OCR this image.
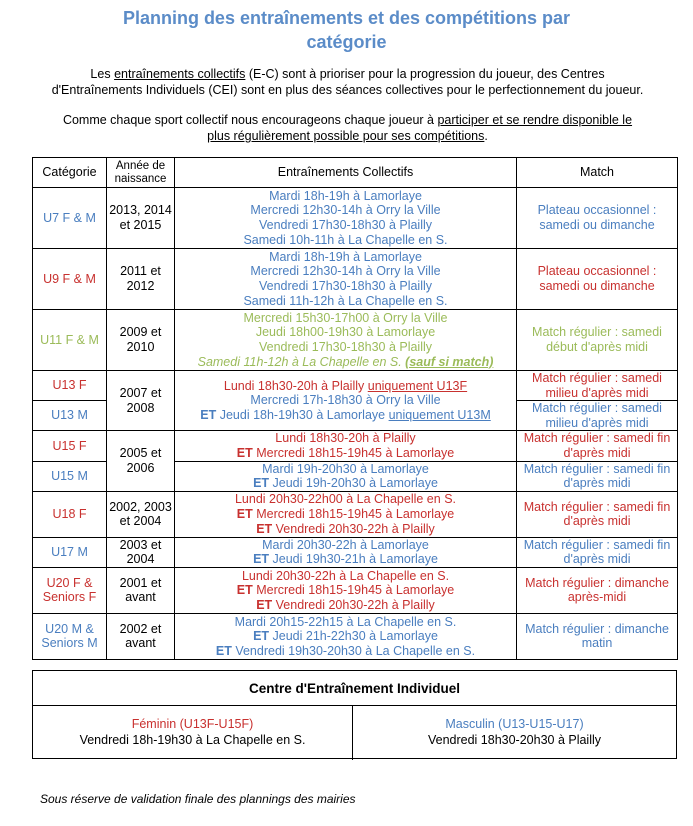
Planning des entraînements et des compétitions par
catégorie
Les entraînements collectifs (E-C) sont à prioriser pour la progression du joueur, des Centres
d'Entraînements Individuels (CEI) sont en plus des séances collectives pour le perfectionnement du joueur.
Comme chaque sport collectif nous encourageons chaque joueur à participer et se rendre disponible le
plus régulièrement possible pour ses compétitions.
Catégorie	Année de naissance	Entraînements Collectifs	Match
U7 F & M	2013, 2014 et 2015	Mardi 18h-19h à Lamorlaye
Mercredi 12h30-14h à Orry la Ville
Vendredi 17h30-18h30 à Plailly
Samedi 10h-11h à La Chapelle en S.	Plateau occasionnel : samedi ou dimanche
U9 F & M	2011 et 2012	Mardi 18h-19h à Lamorlaye
Mercredi 12h30-14h à Orry la Ville
Vendredi 17h30-18h30 à Plailly
Samedi 11h-12h à La Chapelle en S.	Plateau occasionnel : samedi ou dimanche
U11 F & M	2009 et 2010	Mercredi 15h30-17h00 à Orry la Ville
Jeudi 18h00-19h30 à Lamorlaye
Vendredi 17h30-18h30 à Plailly
Samedi 11h-12h à La Chapelle en S. (sauf si match)	Match régulier : samedi début d'après midi
U13 F	2007 et 2008	Lundi 18h30-20h à Plailly uniquement U13F
Mercredi 17h-18h30 à Orry la Ville
ET Jeudi 18h-19h30 à Lamorlaye uniquement U13M	Match régulier : samedi milieu d'après midi
U13 M			Match régulier : samedi milieu d'après midi
U15 F	2005 et 2006	Lundi 18h30-20h à Plailly
ET Mercredi 18h15-19h45 à Lamorlaye	Match régulier : samedi fin d'après midi
U15 M		Mardi 19h-20h30 à Lamorlaye
ET Jeudi 19h-20h30 à Lamorlaye	Match régulier : samedi fin d'après midi
U18 F	2002, 2003 et 2004	Lundi 20h30-22h00 à La Chapelle en S.
ET Mercredi 18h15-19h45 à Lamorlaye
ET Vendredi 20h30-22h à Plailly	Match régulier : samedi fin d'après midi
U17 M	2003 et 2004	Mardi 20h30-22h à Lamorlaye
ET Jeudi 19h30-21h à Lamorlaye	Match régulier : samedi fin d'après midi
U20 F & Seniors F	2001 et avant	Lundi 20h30-22h à La Chapelle en S.
ET Mercredi 18h15-19h45 à Lamorlaye
ET Vendredi 20h30-22h à Plailly	Match régulier : dimanche après-midi
U20 M & Seniors M	2002 et avant	Mardi 20h15-22h15 à La Chapelle en S.
ET Jeudi 21h-22h30 à Lamorlaye
ET Vendredi 19h30-20h30 à La Chapelle en S.	Match régulier : dimanche matin
Centre d'Entraînement Individuel
Féminin (U13F-U15F)
Vendredi 18h-19h30 à La Chapelle en S.
Masculin (U13-U15-U17)
Vendredi 18h30-20h30 à Plailly
Sous réserve de validation finale des plannings des mairies
